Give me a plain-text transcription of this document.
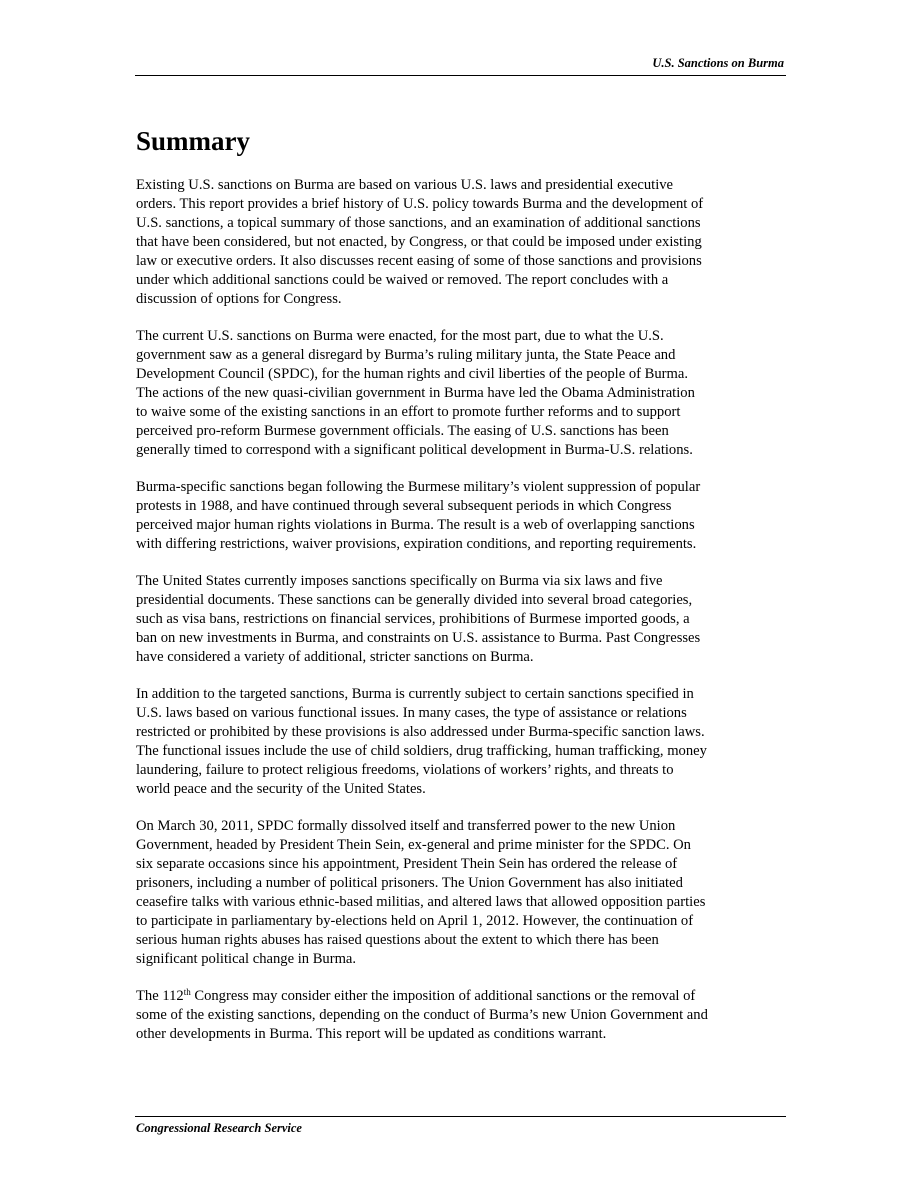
U.S. Sanctions on Burma
Summary

Existing U.S. sanctions on Burma are based on various U.S. laws and presidential executive
orders. This report provides a brief history of U.S. policy towards Burma and the development of
U.S. sanctions, a topical summary of those sanctions, and an examination of additional sanctions
that have been considered, but not enacted, by Congress, or that could be imposed under existing
law or executive orders. It also discusses recent easing of some of those sanctions and provisions
under which additional sanctions could be waived or removed. The report concludes with a
discussion of options for Congress.

The current U.S. sanctions on Burma were enacted, for the most part, due to what the U.S.
government saw as a general disregard by Burma’s ruling military junta, the State Peace and
Development Council (SPDC), for the human rights and civil liberties of the people of Burma.
The actions of the new quasi-civilian government in Burma have led the Obama Administration
to waive some of the existing sanctions in an effort to promote further reforms and to support
perceived pro-reform Burmese government officials. The easing of U.S. sanctions has been
generally timed to correspond with a significant political development in Burma-U.S. relations.

Burma-specific sanctions began following the Burmese military’s violent suppression of popular
protests in 1988, and have continued through several subsequent periods in which Congress
perceived major human rights violations in Burma. The result is a web of overlapping sanctions
with differing restrictions, waiver provisions, expiration conditions, and reporting requirements.

The United States currently imposes sanctions specifically on Burma via six laws and five
presidential documents. These sanctions can be generally divided into several broad categories,
such as visa bans, restrictions on financial services, prohibitions of Burmese imported goods, a
ban on new investments in Burma, and constraints on U.S. assistance to Burma. Past Congresses
have considered a variety of additional, stricter sanctions on Burma.

In addition to the targeted sanctions, Burma is currently subject to certain sanctions specified in
U.S. laws based on various functional issues. In many cases, the type of assistance or relations
restricted or prohibited by these provisions is also addressed under Burma-specific sanction laws.
The functional issues include the use of child soldiers, drug trafficking, human trafficking, money
laundering, failure to protect religious freedoms, violations of workers’ rights, and threats to
world peace and the security of the United States.

On March 30, 2011, SPDC formally dissolved itself and transferred power to the new Union
Government, headed by President Thein Sein, ex-general and prime minister for the SPDC. On
six separate occasions since his appointment, President Thein Sein has ordered the release of
prisoners, including a number of political prisoners. The Union Government has also initiated
ceasefire talks with various ethnic-based militias, and altered laws that allowed opposition parties
to participate in parliamentary by-elections held on April 1, 2012. However, the continuation of
serious human rights abuses has raised questions about the extent to which there has been
significant political change in Burma.

The 112th Congress may consider either the imposition of additional sanctions or the removal of
some of the existing sanctions, depending on the conduct of Burma’s new Union Government and
other developments in Burma. This report will be updated as conditions warrant.

Congressional Research Service
